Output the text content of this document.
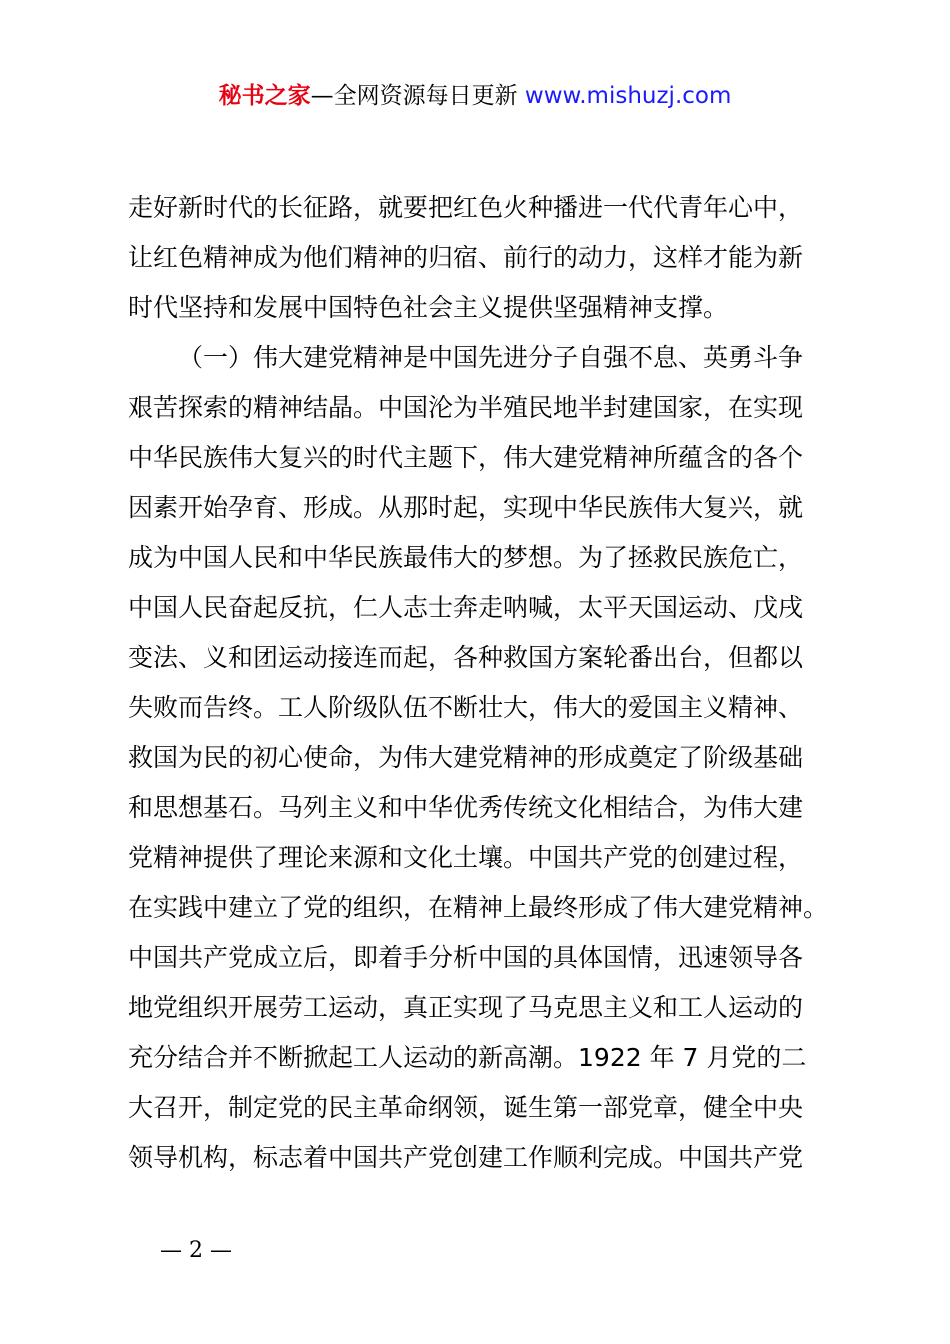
秘书之家—全网资源每日更新 www.mishuzj.com
走好新时代的长征路，就要把红色火种播进一代代青年心中，
让红色精神成为他们精神的归宿、前行的动力，这样才能为新
时代坚持和发展中国特色社会主义提供坚强精神支撑。
（一）伟大建党精神是中国先进分子自强不息、英勇斗争
艰苦探索的精神结晶。中国沦为半殖民地半封建国家，在实现
中华民族伟大复兴的时代主题下，伟大建党精神所蕴含的各个
因素开始孕育、形成。从那时起，实现中华民族伟大复兴，就
成为中国人民和中华民族最伟大的梦想。为了拯救民族危亡，
中国人民奋起反抗，仁人志士奔走呐喊，太平天国运动、戊戌
变法、义和团运动接连而起，各种救国方案轮番出台，但都以
失败而告终。工人阶级队伍不断壮大，伟大的爱国主义精神、
救国为民的初心使命，为伟大建党精神的形成奠定了阶级基础
和思想基石。马列主义和中华优秀传统文化相结合，为伟大建
党精神提供了理论来源和文化土壤。中国共产党的创建过程，
在实践中建立了党的组织，在精神上最终形成了伟大建党精神。
中国共产党成立后，即着手分析中国的具体国情，迅速领导各
地党组织开展劳工运动，真正实现了马克思主义和工人运动的
充分结合并不断掀起工人运动的新高潮。1922 年 7 月党的二
大召开，制定党的民主革命纲领，诞生第一部党章，健全中央
领导机构，标志着中国共产党创建工作顺利完成。中国共产党
— 2 —
